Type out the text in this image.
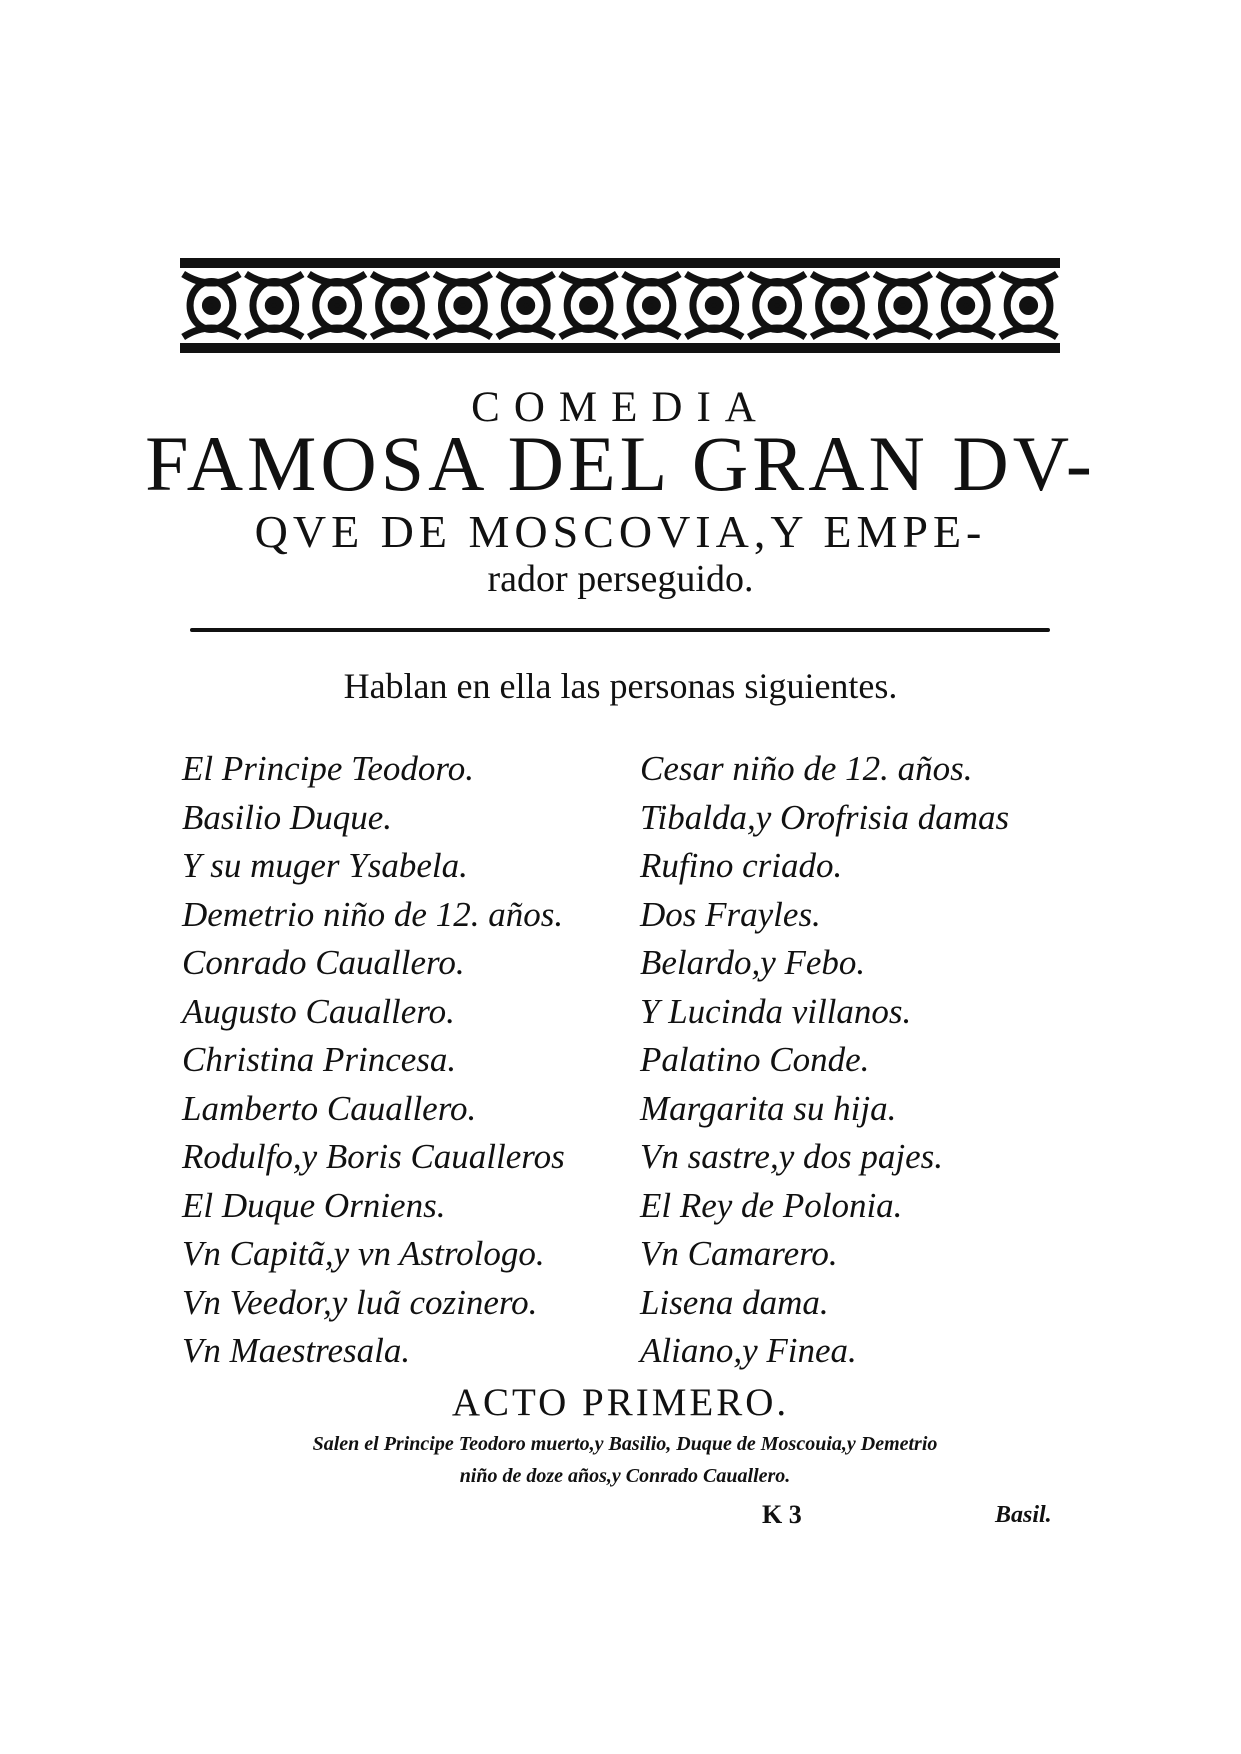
COMEDIA
FAMOSA DEL GRAN DV-
QVE DE MOSCOVIA,Y EMPE-
rador perseguido.
Hablan en ella las personas siguientes.
El Principe Teodoro.
Basilio Duque.
Y su muger Ysabela.
Demetrio niño de 12. años.
Conrado Cauallero.
Augusto Cauallero.
Christina Princesa.
Lamberto Cauallero.
Rodulfo,y Boris Caualleros
El Duque Orniens.
Vn Capitã,y vn Astrologo.
Vn Veedor,y luã cozinero.
Vn Maestresala.
Cesar niño de 12. años.
Tibalda,y Orofrisia damas
Rufino criado.
Dos Frayles.
Belardo,y Febo.
Y Lucinda villanos.
Palatino Conde.
Margarita su hija.
Vn sastre,y dos pajes.
El Rey de Polonia.
Vn Camarero.
Lisena dama.
Aliano,y Finea.
ACTO PRIMERO.
Salen el Principe Teodoro muerto,y Basilio, Duque de Moscouia,y Demetrio
niño de doze años,y Conrado Cauallero.
K 3	Basil.
